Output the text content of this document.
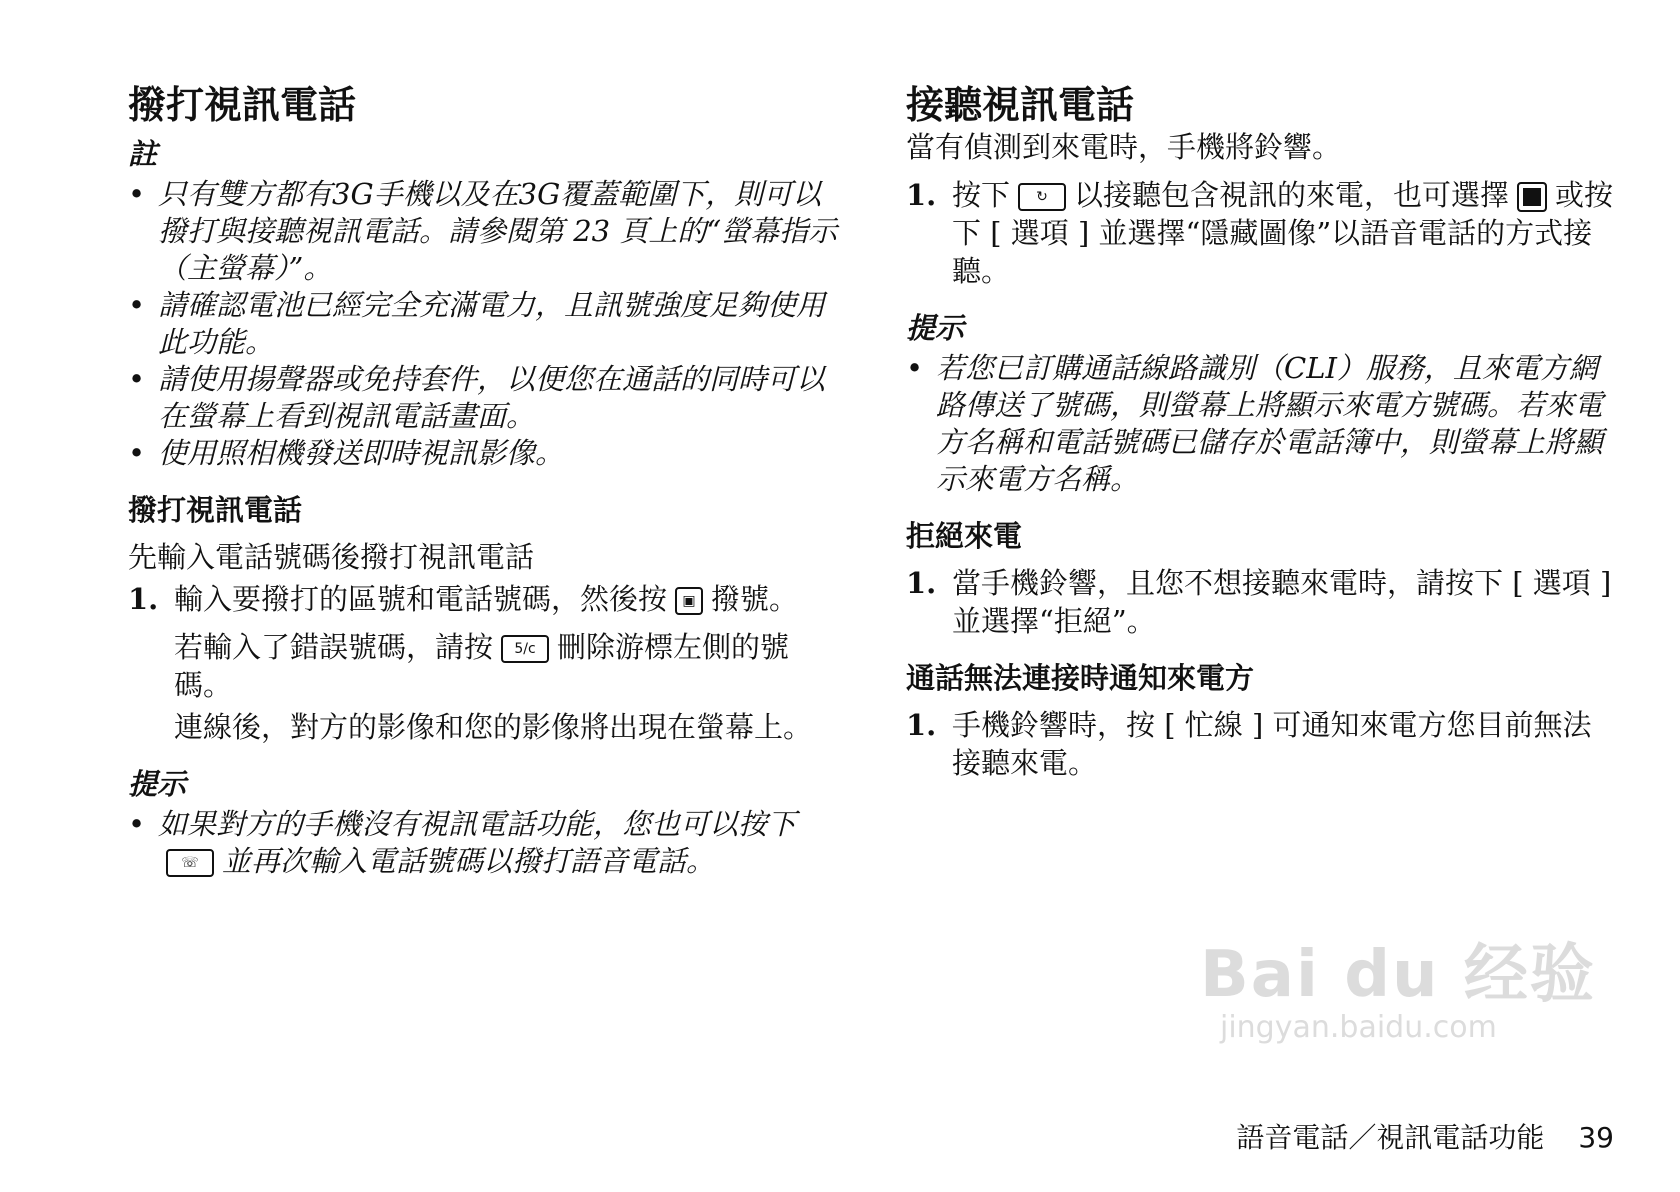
撥打視訊電話
註
• 只有雙方都有3G手機以及在3G覆蓋範圍下，則可以撥打與接聽視訊電話。請參閱第 23 頁上的“螢幕指示（主螢幕）”。
• 請確認電池已經完全充滿電力，且訊號強度足夠使用此功能。
• 請使用揚聲器或免持套件，以便您在通話的同時可以在螢幕上看到視訊電話畫面。
• 使用照相機發送即時視訊影像。
撥打視訊電話

先輸入電話號碼後撥打視訊電話

1. 輸入要撥打的區號和電話號碼，然後按 ▣ 撥號。

若輸入了錯誤號碼，請按 5/c 刪除游標左側的號碼。

連線後，對方的影像和您的影像將出現在螢幕上。

提示
• 如果對方的手機沒有視訊電話功能，您也可以按下☏ 並再次輸入電話號碼以撥打語音電話。
接聽視訊電話

當有偵測到來電時，手機將鈴響。

1. 按下 ↻ 以接聽包含視訊的來電，也可選擇 或按下 [ 選項 ] 並選擇“隱藏圖像”以語音電話的方式接聽。
提示
• 若您已訂購通話線路識別（CLI）服務，且來電方網路傳送了號碼，則螢幕上將顯示來電方號碼。若來電方名稱和電話號碼已儲存於電話簿中，則螢幕上將顯示來電方名稱。
拒絕來電
1. 當手機鈴響，且您不想接聽來電時，請按下 [ 選項 ] 並選擇“拒絕”。
通話無法連接時通知來電方
1. 手機鈴響時，按 [ 忙線 ] 可通知來電方您目前無法接聽來電。
Bai du 经验
jingyan.baidu.com
語音電話／視訊電話功能 39
